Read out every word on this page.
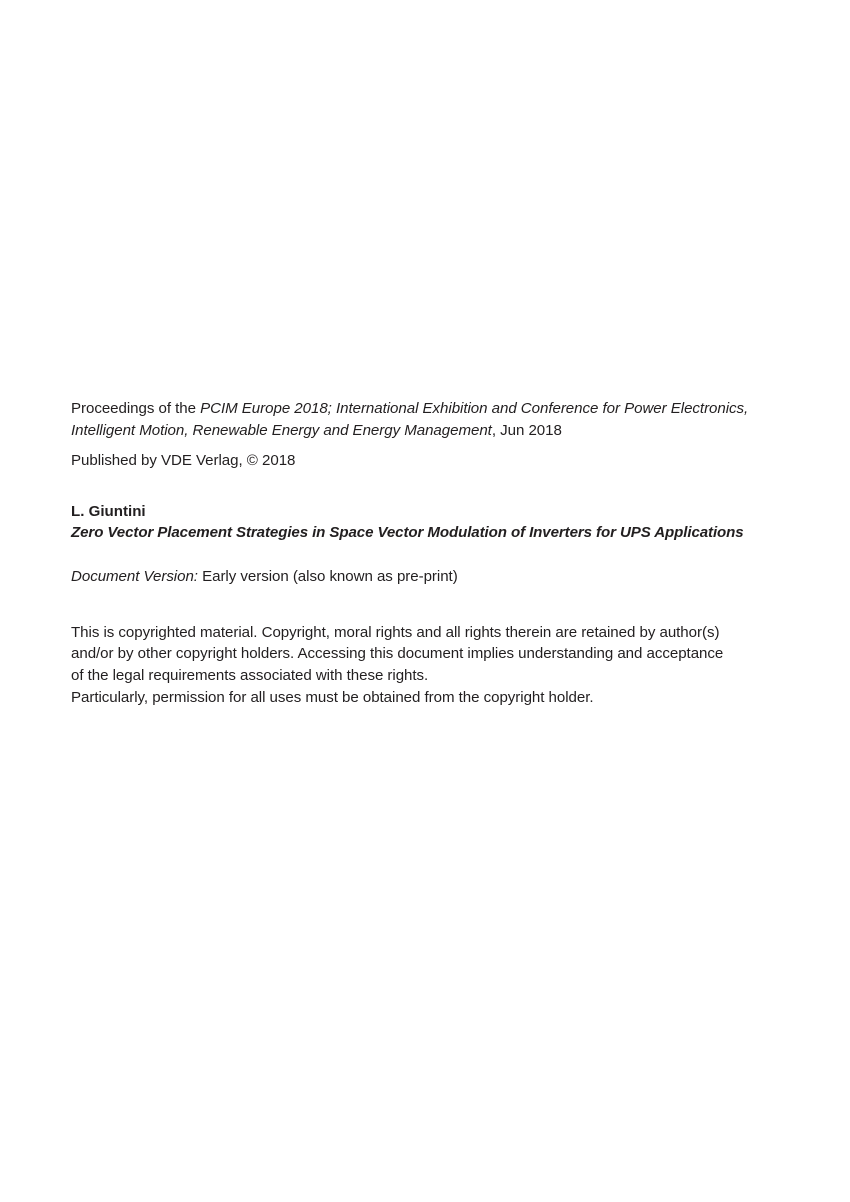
Proceedings of the PCIM Europe 2018; International Exhibition and Conference for Power Electronics, Intelligent Motion, Renewable Energy and Energy Management, Jun 2018

Published by VDE Verlag, © 2018

L. Giuntini

Zero Vector Placement Strategies in Space Vector Modulation of Inverters for UPS Applications

Document Version: Early version (also known as pre-print)

This is copyrighted material. Copyright, moral rights and all rights therein are retained by author(s)
and/or by other copyright holders. Accessing this document implies understanding and acceptance
of the legal requirements associated with these rights.
Particularly, permission for all uses must be obtained from the copyright holder.
